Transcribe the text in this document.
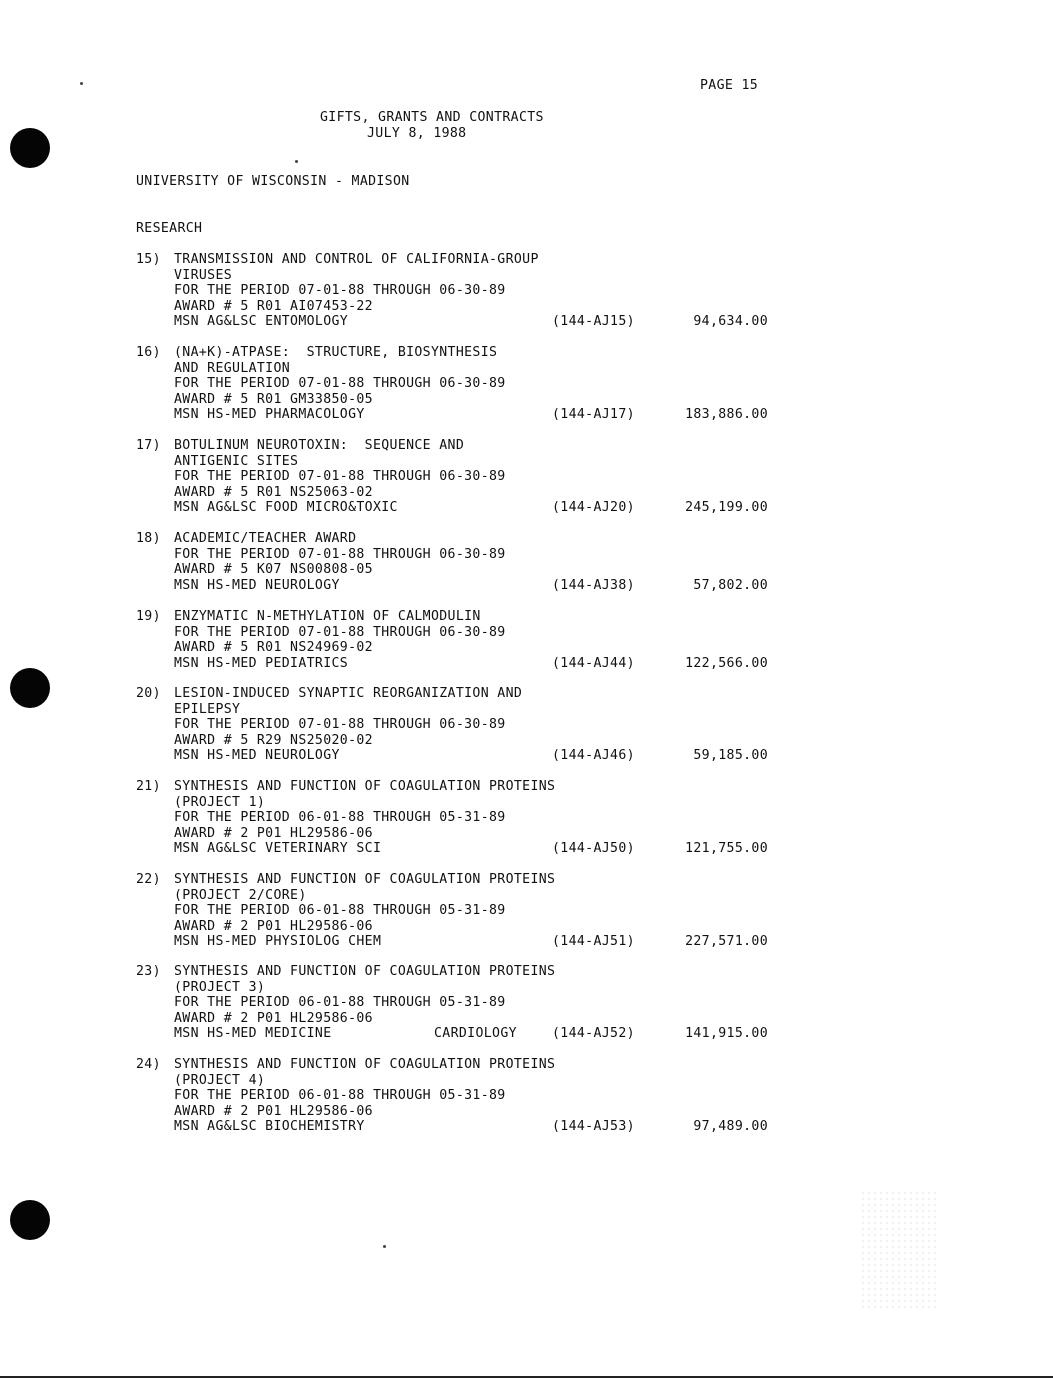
PAGE 15
GIFTS, GRANTS AND CONTRACTS
JULY 8, 1988
UNIVERSITY OF WISCONSIN - MADISON
RESEARCH
15) TRANSMISSION AND CONTROL OF CALIFORNIA-GROUP
VIRUSES
FOR THE PERIOD 07-01-88 THROUGH 06-30-89
AWARD # 5 R01 AI07453-22
MSN AG&LSC ENTOMOLOGY	(144-AJ15)	94,634.00
16) (NA+K)-ATPASE:  STRUCTURE, BIOSYNTHESIS
AND REGULATION
FOR THE PERIOD 07-01-88 THROUGH 06-30-89
AWARD # 5 R01 GM33850-05
MSN HS-MED PHARMACOLOGY	(144-AJ17)	183,886.00
17) BOTULINUM NEUROTOXIN:  SEQUENCE AND
ANTIGENIC SITES
FOR THE PERIOD 07-01-88 THROUGH 06-30-89
AWARD # 5 R01 NS25063-02
MSN AG&LSC FOOD MICRO&TOXIC	(144-AJ20)	245,199.00
18) ACADEMIC/TEACHER AWARD
FOR THE PERIOD 07-01-88 THROUGH 06-30-89
AWARD # 5 K07 NS00808-05
MSN HS-MED NEUROLOGY	(144-AJ38)	57,802.00
19) ENZYMATIC N-METHYLATION OF CALMODULIN
FOR THE PERIOD 07-01-88 THROUGH 06-30-89
AWARD # 5 R01 NS24969-02
MSN HS-MED PEDIATRICS	(144-AJ44)	122,566.00
20) LESION-INDUCED SYNAPTIC REORGANIZATION AND
EPILEPSY
FOR THE PERIOD 07-01-88 THROUGH 06-30-89
AWARD # 5 R29 NS25020-02
MSN HS-MED NEUROLOGY	(144-AJ46)	59,185.00
21) SYNTHESIS AND FUNCTION OF COAGULATION PROTEINS
(PROJECT 1)
FOR THE PERIOD 06-01-88 THROUGH 05-31-89
AWARD # 2 P01 HL29586-06
MSN AG&LSC VETERINARY SCI	(144-AJ50)	121,755.00
22) SYNTHESIS AND FUNCTION OF COAGULATION PROTEINS
(PROJECT 2/CORE)
FOR THE PERIOD 06-01-88 THROUGH 05-31-89
AWARD # 2 P01 HL29586-06
MSN HS-MED PHYSIOLOG CHEM	(144-AJ51)	227,571.00
23) SYNTHESIS AND FUNCTION OF COAGULATION PROTEINS
(PROJECT 3)
FOR THE PERIOD 06-01-88 THROUGH 05-31-89
AWARD # 2 P01 HL29586-06
MSN HS-MED MEDICINE	CARDIOLOGY	(144-AJ52)	141,915.00
24) SYNTHESIS AND FUNCTION OF COAGULATION PROTEINS
(PROJECT 4)
FOR THE PERIOD 06-01-88 THROUGH 05-31-89
AWARD # 2 P01 HL29586-06
MSN AG&LSC BIOCHEMISTRY	(144-AJ53)	97,489.00
